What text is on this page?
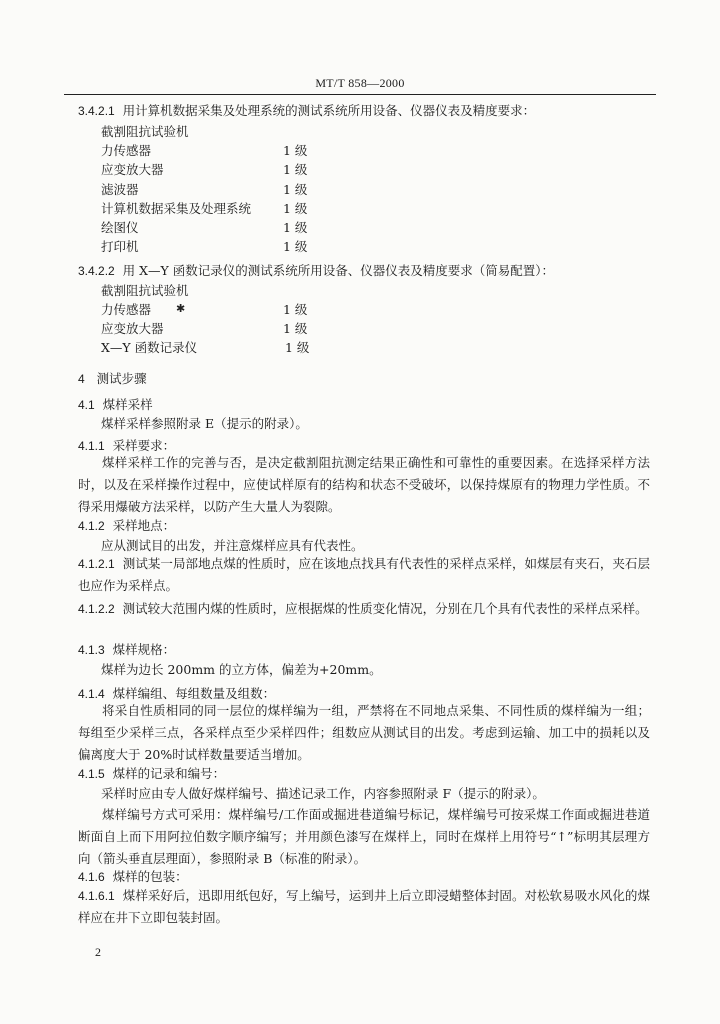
MT/T 858—2000
3.4.2.1 用计算机数据采集及处理系统的测试系统所用设备、仪器仪表及精度要求：
截割阻抗试验机
力传感器	1 级
应变放大器	1 级
滤波器	1 级
计算机数据采集及处理系统	1 级
绘图仪	1 级
打印机	1 级
3.4.2.2 用 X—Y 函数记录仪的测试系统所用设备、仪器仪表及精度要求（简易配置）：
截割阻抗试验机
力传感器 ✱	1 级
应变放大器	1 级
X—Y 函数记录仪	1 级
4 测试步骤
4.1 煤样采样
煤样采样参照附录 E（提示的附录）。
4.1.1 采样要求：
煤样采样工作的完善与否，是决定截割阻抗测定结果正确性和可靠性的重要因素。在选择采样方法时，以及在采样操作过程中，应使试样原有的结构和状态不受破坏，以保持煤原有的物理力学性质。不得采用爆破方法采样，以防产生大量人为裂隙。
4.1.2 采样地点：
应从测试目的出发，并注意煤样应具有代表性。
4.1.2.1 测试某一局部地点煤的性质时，应在该地点找具有代表性的采样点采样，如煤层有夹石，夹石层也应作为采样点。
4.1.2.2 测试较大范围内煤的性质时，应根据煤的性质变化情况，分别在几个具有代表性的采样点采样。
4.1.3 煤样规格：
煤样为边长 200mm 的立方体，偏差为+20mm。
4.1.4 煤样编组、每组数量及组数：
将采自性质相同的同一层位的煤样编为一组，严禁将在不同地点采集、不同性质的煤样编为一组；每组至少采样三点，各采样点至少采样四件；组数应从测试目的出发。考虑到运输、加工中的损耗以及偏离度大于 20%时试样数量要适当增加。
4.1.5 煤样的记录和编号：
采样时应由专人做好煤样编号、描述记录工作，内容参照附录 F（提示的附录）。
煤样编号方式可采用：煤样编号/工作面或掘进巷道编号标记，煤样编号可按采煤工作面或掘进巷道断面自上而下用阿拉伯数字顺序编写；并用颜色漆写在煤样上，同时在煤样上用符号“↑”标明其层理方向（箭头垂直层理面），参照附录 B（标准的附录）。
4.1.6 煤样的包装：
4.1.6.1 煤样采好后，迅即用纸包好，写上编号，运到井上后立即浸蜡整体封固。对松软易吸水风化的煤样应在井下立即包装封固。
2
